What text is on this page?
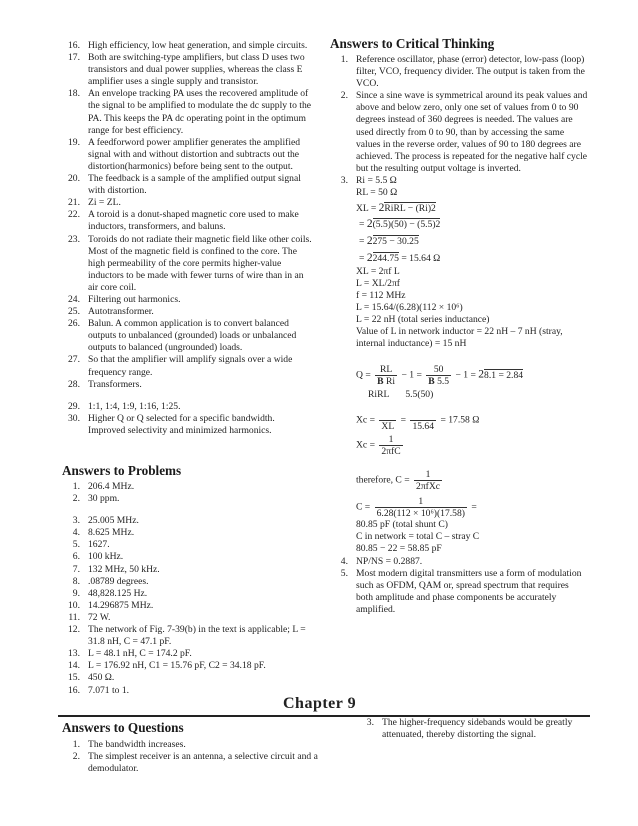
16. High efficiency, low heat generation, and simple circuits.
17. Both are switching-type amplifiers, but class D uses two transistors and dual power supplies, whereas the class E amplifier uses a single supply and transistor.
18. An envelope tracking PA uses the recovered amplitude of the signal to be amplified to modulate the dc supply to the PA. This keeps the PA dc operating point in the optimum range for best efficiency.
19. A feedforword power amplifier generates the amplified signal with and without distortion and subtracts out the distortion(harmonics) before being sent to the output.
20. The feedback is a sample of the amplified output signal with distortion.
21. Zi = ZL.
22. A toroid is a donut-shaped magnetic core used to make inductors, transformers, and baluns.
23. Toroids do not radiate their magnetic field like other coils. Most of the magnetic field is confined to the core. The high permeability of the core permits higher-value inductors to be made with fewer turns of wire than in an air core coil.
24. Filtering out harmonics.
25. Autotransformer.
26. Balun. A common application is to convert balanced outputs to unbalanced (grounded) loads or unbalanced outputs to balanced (ungrounded) loads.
27. So that the amplifier will amplify signals over a wide frequency range.
28. Transformers.
29. 1:1, 1:4, 1:9, 1:16, 1:25.
30. Higher Q or Q selected for a specific bandwidth. Improved selectivity and minimized harmonics.
Answers to Problems
1. 206.4 MHz.
2. 30 ppm.
3. 25.005 MHz.
4. 8.625 MHz.
5. 1627.
6. 100 kHz.
7. 132 MHz, 50 kHz.
8. .08789 degrees.
9. 48,828.125 Hz.
10. 14.296875 MHz.
11. 72 W.
12. The network of Fig. 7-39(b) in the text is applicable; L = 31.8 nH, C = 47.1 pF.
13. L = 48.1 nH, C = 174.2 pF.
14. L = 176.92 nH, C1 = 15.76 pF, C2 = 34.18 pF.
15. 450 Ω.
16. 7.071 to 1.
Answers to Critical Thinking
1. Reference oscillator, phase (error) detector, low-pass (loop) filter, VCO, frequency divider. The output is taken from the VCO.
2. Since a sine wave is symmetrical around its peak values and above and below zero, only one set of values from 0 to 90 degrees instead of 360 degrees is needed. The values are used directly from 0 to 90, than by accessing the same values in the reverse order, values of 90 to 180 degrees are achieved. The process is repeated for the negative half cycle but the resulting output voltage is inverted.
3. Ri = 5.5 Ω
RL = 50 Ω
XL = 2RiRL − (Ri)2
= 2(5.5)(50) − (5.5)2
= 2275 − 30.25
= 2244.75 = 15.64 Ω
XL = 2πf L
L = XL/2πf
f = 112 MHz
L = 15.64/(6.28)(112 × 10⁶)
L = 22 nH (total series inductance)
Value of L in network inductor = 22 nH – 7 nH (stray, internal inductance) = 15 nH
$Q = \frac{RL}{\text{B Ri}} - 1 = \frac{50}{B 5.5} - 1 = 28.1 = 2.84$
RiRL 5.5(50)
Xc =

XL
=

15.64
= 17.58 Ω
$Xc = \frac{1}{\text{2πfC}}$
therefore, $C = \frac{1}{\text{2πfXc}}$
$C = \frac{1}{\text{6.28(112 × 10⁶)(17.58)}}$ =
80.85 pF (total shunt C)
C in network = total C – stray C
80.85 − 22 = 58.85 pF
4. NP/NS = 0.2887.
5. Most modern digital transmitters use a form of modulation such as OFDM, QAM or, spread spectrum that requires both amplitude and phase components be accurately amplified.
Chapter 9
Answers to Questions
1. The bandwidth increases.
2. The simplest receiver is an antenna, a selective circuit and a demodulator.
3. The higher-frequency sidebands would be greatly attenuated, thereby distorting the signal.
